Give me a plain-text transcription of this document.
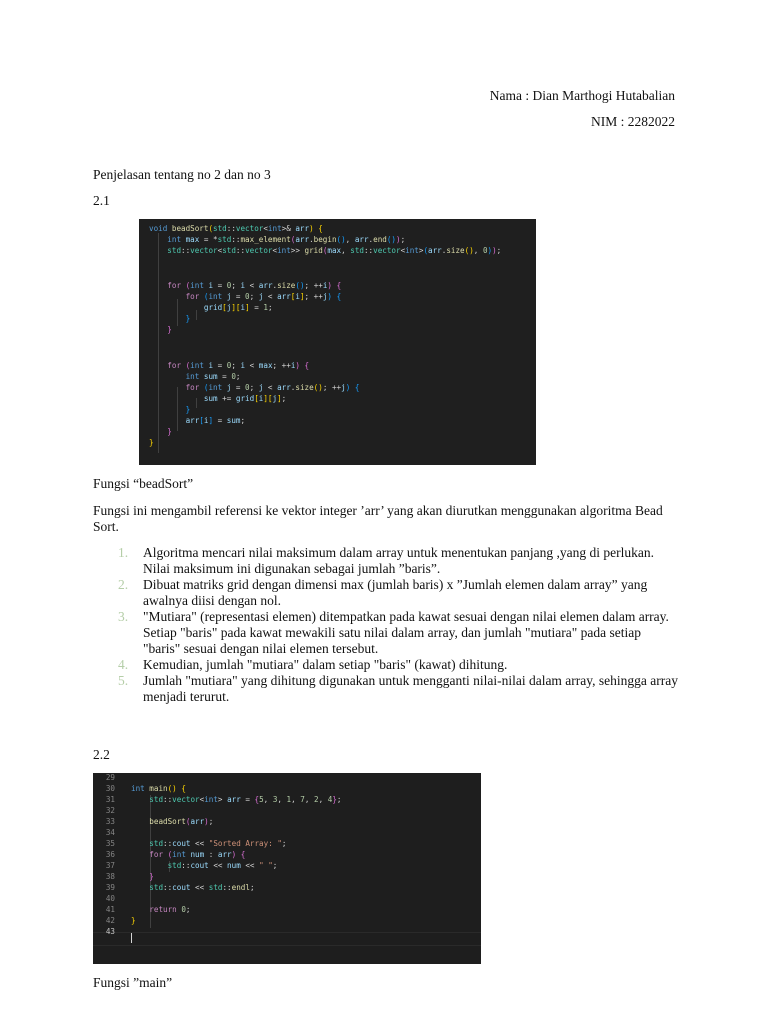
Nama : Dian Marthogi Hutabalian
NIM : 2282022
Penjelasan tentang no 2 dan no 3
2.1
void beadSort(std::vector<int>& arr) {
int max = *std::max_element(arr.begin(), arr.end());
std::vector<std::vector<int>> grid(max, std::vector<int>(arr.size(), 0));
for (int i = 0; i < arr.size(); ++i) {
for (int j = 0; j < arr[i]; ++j) {
grid[j][i] = 1;
}
}
for (int i = 0; i < max; ++i) {
int sum = 0;
for (int j = 0; j < arr.size(); ++j) {
sum += grid[i][j];
}
arr[i] = sum;
}
}
Fungsi “beadSort”
Fungsi ini mengambil referensi ke vektor integer ’arr’ yang akan diurutkan menggunakan algoritma Bead Sort.
1. Algoritma mencari nilai maksimum dalam array untuk menentukan panjang ,yang di perlukan. Nilai maksimum ini digunakan sebagai jumlah ”baris”.
2. Dibuat matriks grid dengan dimensi max (jumlah baris) x ”Jumlah elemen dalam array” yang awalnya diisi dengan nol.
3. "Mutiara" (representasi elemen) ditempatkan pada kawat sesuai dengan nilai elemen dalam array. Setiap "baris" pada kawat mewakili satu nilai dalam array, dan jumlah "mutiara" pada setiap "baris" sesuai dengan nilai elemen tersebut.
4. Kemudian, jumlah "mutiara" dalam setiap "baris" (kawat) dihitung.
5. Jumlah "mutiara" yang dihitung digunakan untuk mengganti nilai-nilai dalam array, sehingga array menjadi terurut.
2.2
29
30
31
32
33
34
35
36
37
38
39
40
41
42
43
int main() {
std::vector<int> arr = {5, 3, 1, 7, 2, 4};
beadSort(arr);
std::cout << "Sorted Array: ";
for (int num : arr) {
std::cout << num << " ";
}
std::cout << std::endl;
return 0;
}
Fungsi ”main”
